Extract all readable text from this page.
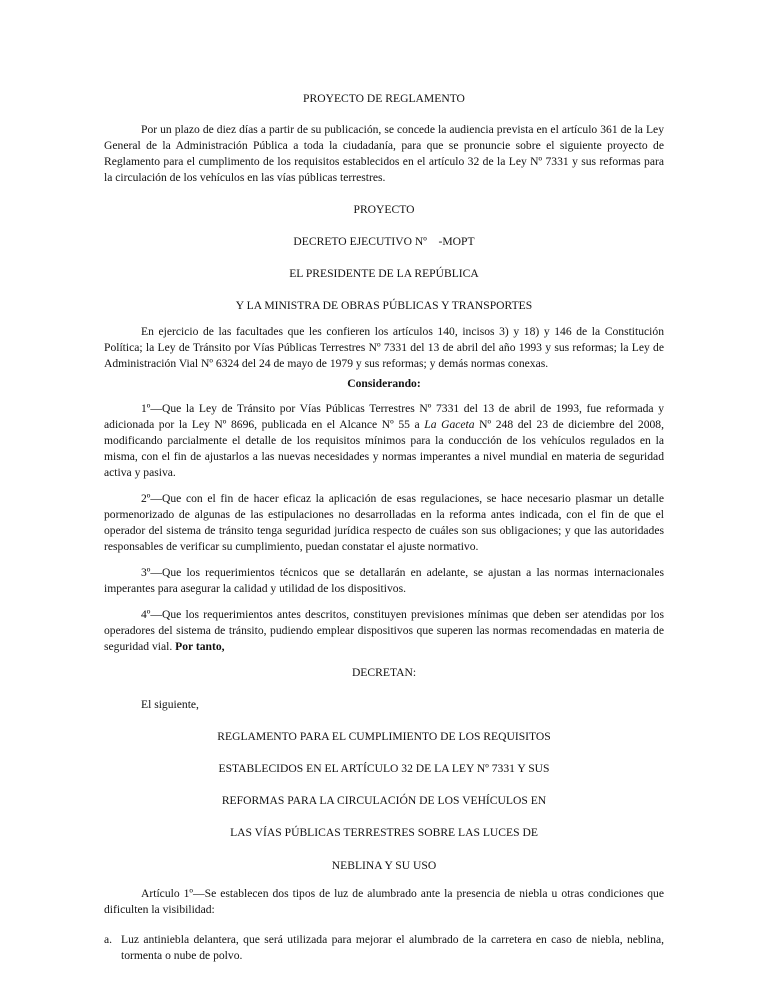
PROYECTO DE REGLAMENTO
Por un plazo de diez días a partir de su publicación, se concede la audiencia prevista en el artículo 361 de la Ley General de la Administración Pública a toda la ciudadanía, para que se pronuncie sobre el siguiente proyecto de Reglamento para el cumplimento de los requisitos establecidos en el artículo 32 de la Ley Nº 7331 y sus reformas para la circulación de los vehículos en las vías públicas terrestres.
PROYECTO
DECRETO EJECUTIVO Nº    -MOPT
EL PRESIDENTE DE LA REPÚBLICA
Y LA MINISTRA DE OBRAS PÚBLICAS Y TRANSPORTES
En ejercicio de las facultades que les confieren los artículos 140, incisos 3) y 18) y 146 de la Constitución Política; la Ley de Tránsito por Vías Públicas Terrestres Nº 7331 del 13 de abril del año 1993 y sus reformas; la Ley de Administración Vial Nº 6324 del 24 de mayo de 1979 y sus reformas; y demás normas conexas.
Considerando:
1º—Que la Ley de Tránsito por Vías Públicas Terrestres Nº 7331 del 13 de abril de 1993, fue reformada y adicionada por la Ley Nº 8696, publicada en el Alcance Nº 55 a La Gaceta Nº 248 del 23 de diciembre del 2008, modificando parcialmente el detalle de los requisitos mínimos para la conducción de los vehículos regulados en la misma, con el fin de ajustarlos a las nuevas necesidades y normas imperantes a nivel mundial en materia de seguridad activa y pasiva.
2º—Que con el fin de hacer eficaz la aplicación de esas regulaciones, se hace necesario plasmar un detalle pormenorizado de algunas de las estipulaciones no desarrolladas en la reforma antes indicada, con el fin de que el operador del sistema de tránsito tenga seguridad jurídica respecto de cuáles son sus obligaciones; y que las autoridades responsables de verificar su cumplimiento, puedan constatar el ajuste normativo.
3º—Que los requerimientos técnicos que se detallarán en adelante, se ajustan a las normas internacionales imperantes para asegurar la calidad y utilidad de los dispositivos.
4º—Que los requerimientos antes descritos, constituyen previsiones mínimas que deben ser atendidas por los operadores del sistema de tránsito, pudiendo emplear dispositivos que superen las normas recomendadas en materia de seguridad vial. Por tanto,
DECRETAN:
El siguiente,
REGLAMENTO PARA EL CUMPLIMIENTO DE LOS REQUISITOS
ESTABLECIDOS EN EL ARTÍCULO 32 DE LA LEY Nº 7331 Y SUS
REFORMAS PARA LA CIRCULACIÓN DE LOS VEHÍCULOS EN
LAS VÍAS PÚBLICAS TERRESTRES SOBRE LAS LUCES DE
NEBLINA Y SU USO
Artículo 1º—Se establecen dos tipos de luz de alumbrado ante la presencia de niebla u otras condiciones que dificulten la visibilidad:
a. Luz antiniebla delantera, que será utilizada para mejorar el alumbrado de la carretera en caso de niebla, neblina, tormenta o nube de polvo.
